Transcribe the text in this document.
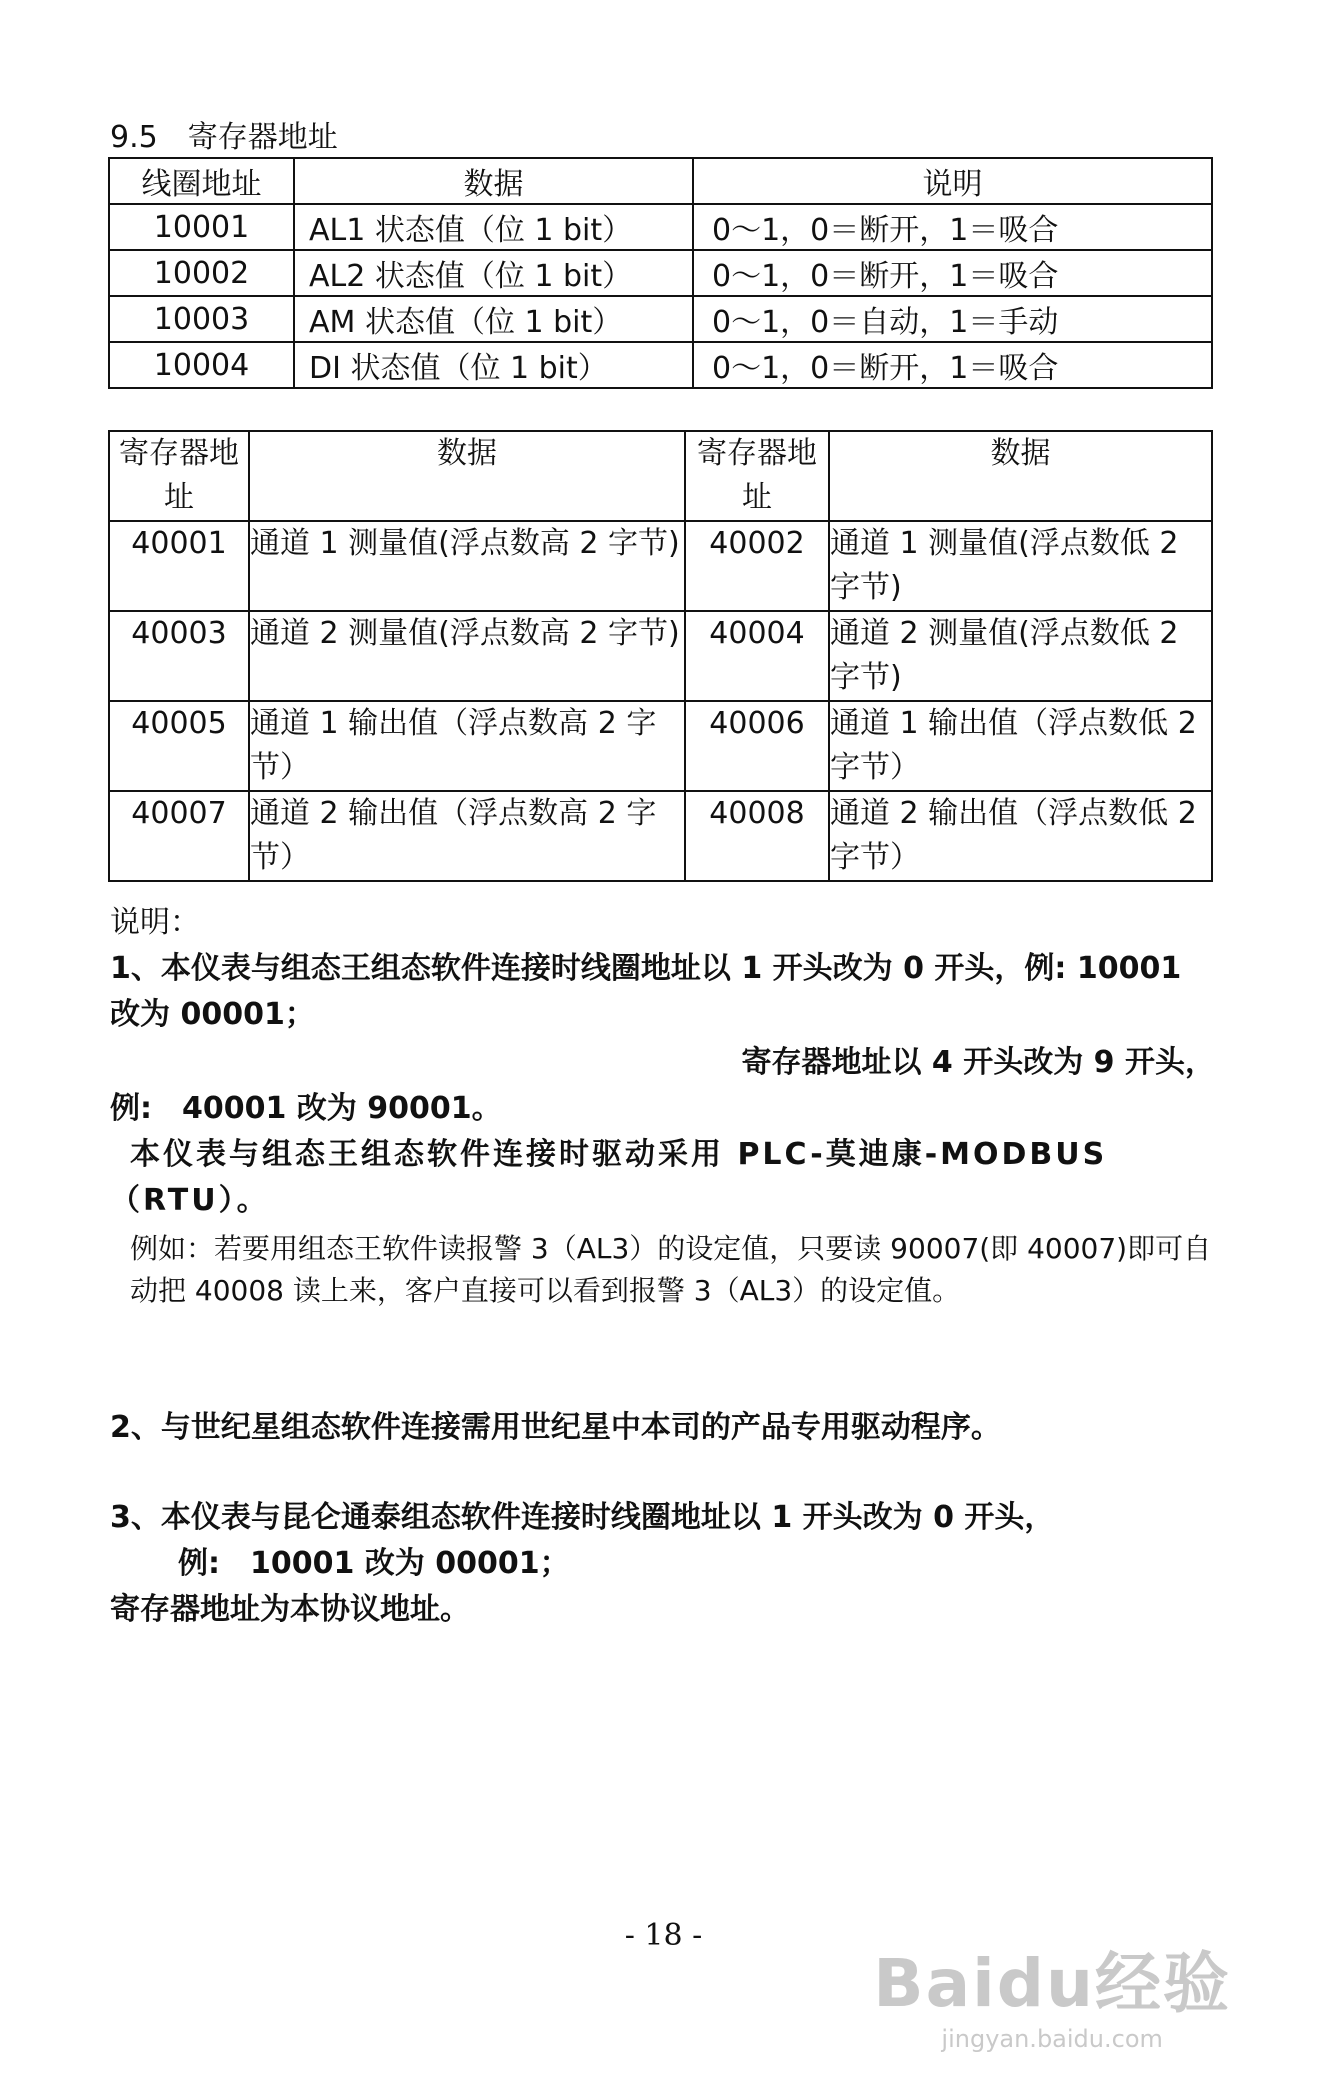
9.5　寄存器地址
线圈地址	数据	说明
10001	AL1 状态值（位 1 bit）	0～1，0＝断开，1＝吸合
10002	AL2 状态值（位 1 bit）	0～1，0＝断开，1＝吸合
10003	AM 状态值（位 1 bit）	0～1，0＝自动，1＝手动
10004	DI 状态值（位 1 bit）	0～1，0＝断开，1＝吸合
寄存器地址	数据	寄存器地址	数据
40001	通道 1 测量值(浮点数高 2 字节)	40002	通道 1 测量值(浮点数低 2 字节)
40003	通道 2 测量值(浮点数高 2 字节)	40004	通道 2 测量值(浮点数低 2 字节)
40005	通道 1 输出值（浮点数高 2 字节）	40006	通道 1 输出值（浮点数低 2 字节）
40007	通道 2 输出值（浮点数高 2 字节）	40008	通道 2 输出值（浮点数低 2 字节）
说明：
1、本仪表与组态王组态软件连接时线圈地址以 1 开头改为 0 开头，例: 10001 改为 00001；
寄存器地址以 4 开头改为 9 开头，
例:　40001 改为 90001。
本仪表与组态王组态软件连接时驱动采用 PLC-莫迪康-MODBUS（RTU）。
例如：若要用组态王软件读报警 3（AL3）的设定值，只要读 90007(即 40007)即可自动把 40008 读上来，客户直接可以看到报警 3（AL3）的设定值。
2、与世纪星组态软件连接需用世纪星中本司的产品专用驱动程序。
3、本仪表与昆仑通泰组态软件连接时线圈地址以 1 开头改为 0 开头，
例:　10001 改为 00001；
寄存器地址为本协议地址。
- 18 -
Baidu经验
jingyan.baidu.com
